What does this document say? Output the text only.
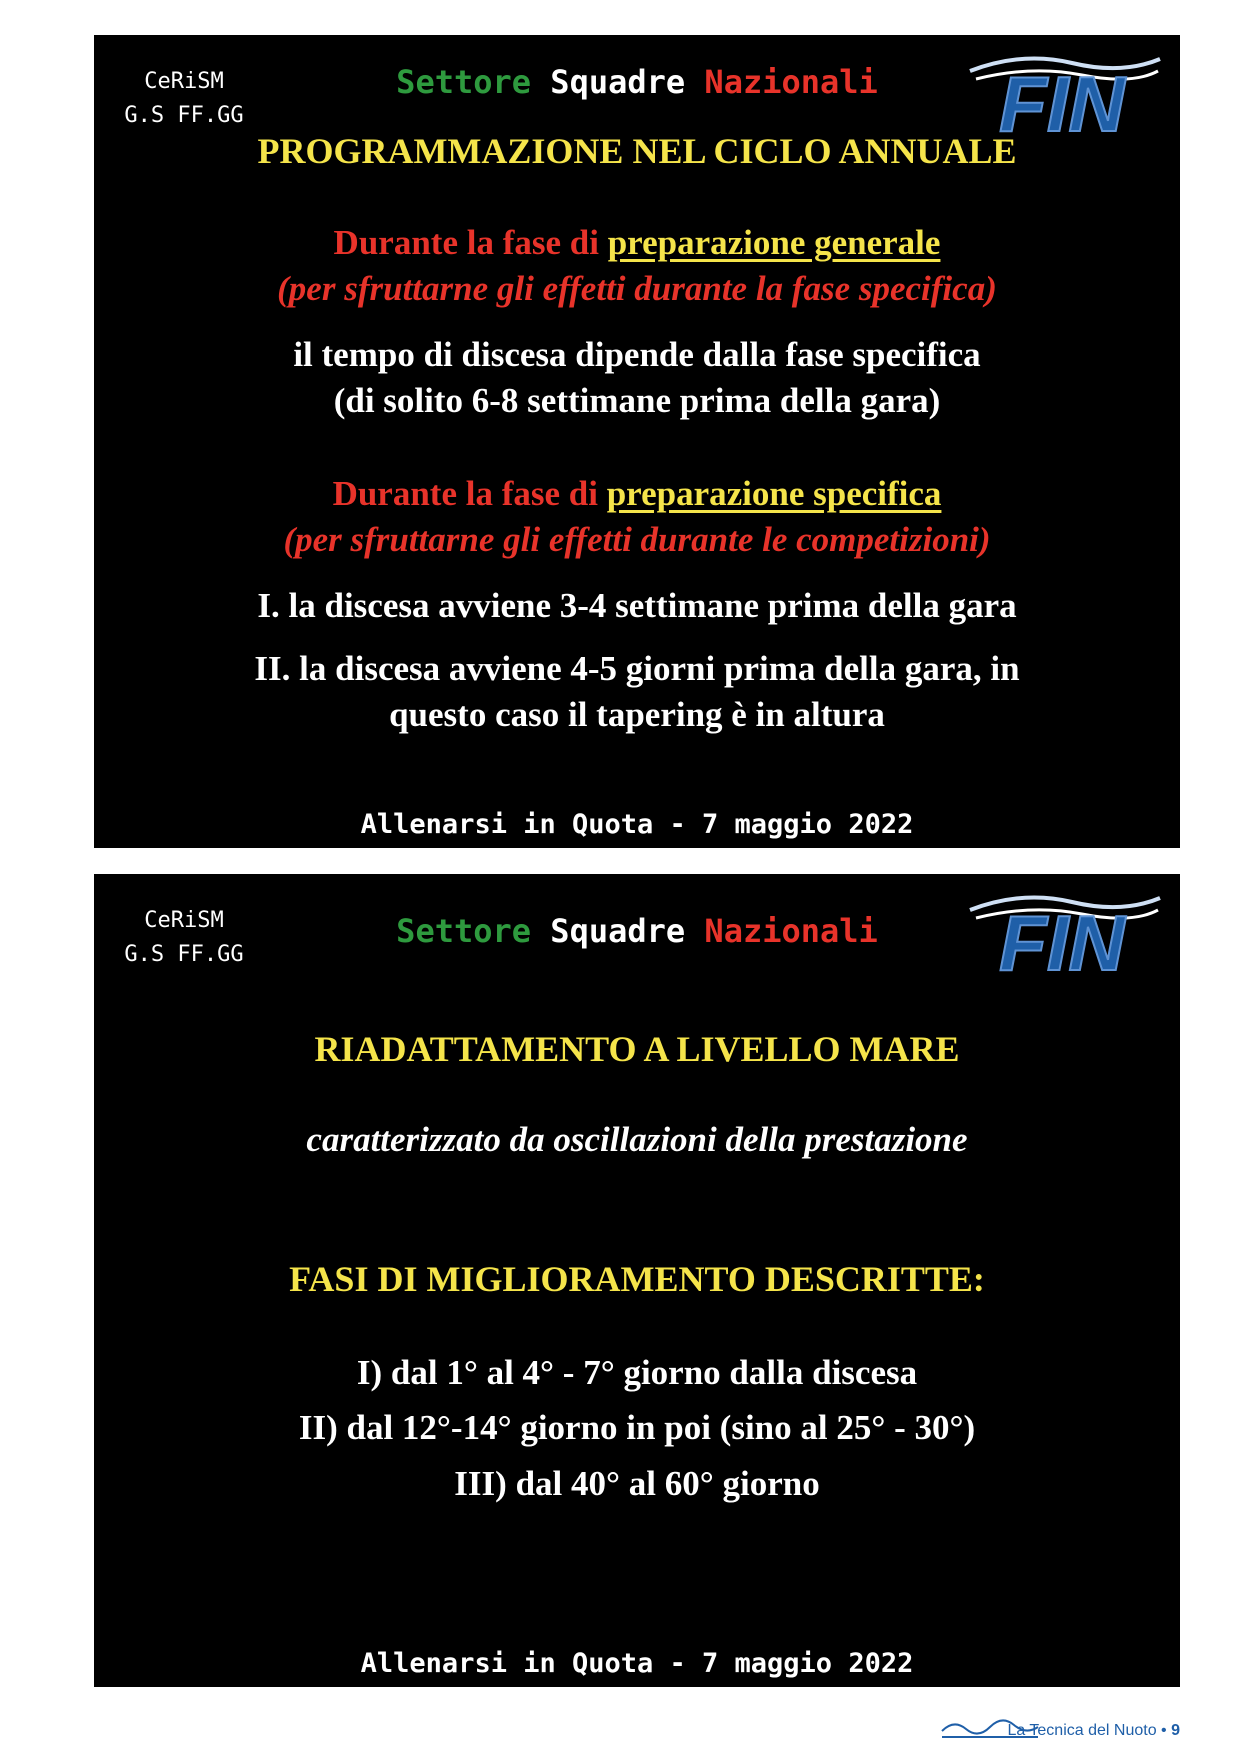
CeRiSM
G.S FF.GG
Settore Squadre Nazionali	FIN
PROGRAMMAZIONE NEL CICLO ANNUALE
Durante la fase di preparazione generale
(per sfruttarne gli effetti durante la fase specifica)
il tempo di discesa dipende dalla fase specifica
(di solito 6-8 settimane prima della gara)
Durante la fase di preparazione specifica
(per sfruttarne gli effetti durante le competizioni)
I. la discesa avviene 3-4 settimane prima della gara
II. la discesa avviene 4-5 giorni prima della gara, in
questo caso il tapering è in altura
Allenarsi in Quota - 7 maggio 2022
CeRiSM
G.S FF.GG
Settore Squadre Nazionali	FIN
RIADATTAMENTO A LIVELLO MARE
caratterizzato da oscillazioni della prestazione
FASI DI MIGLIORAMENTO DESCRITTE:
I) dal 1° al 4° - 7° giorno dalla discesa
II) dal 12°-14° giorno in poi (sino al 25° - 30°)
III) dal 40° al 60° giorno
Allenarsi in Quota - 7 maggio 2022
La Tecnica del Nuoto • 9
